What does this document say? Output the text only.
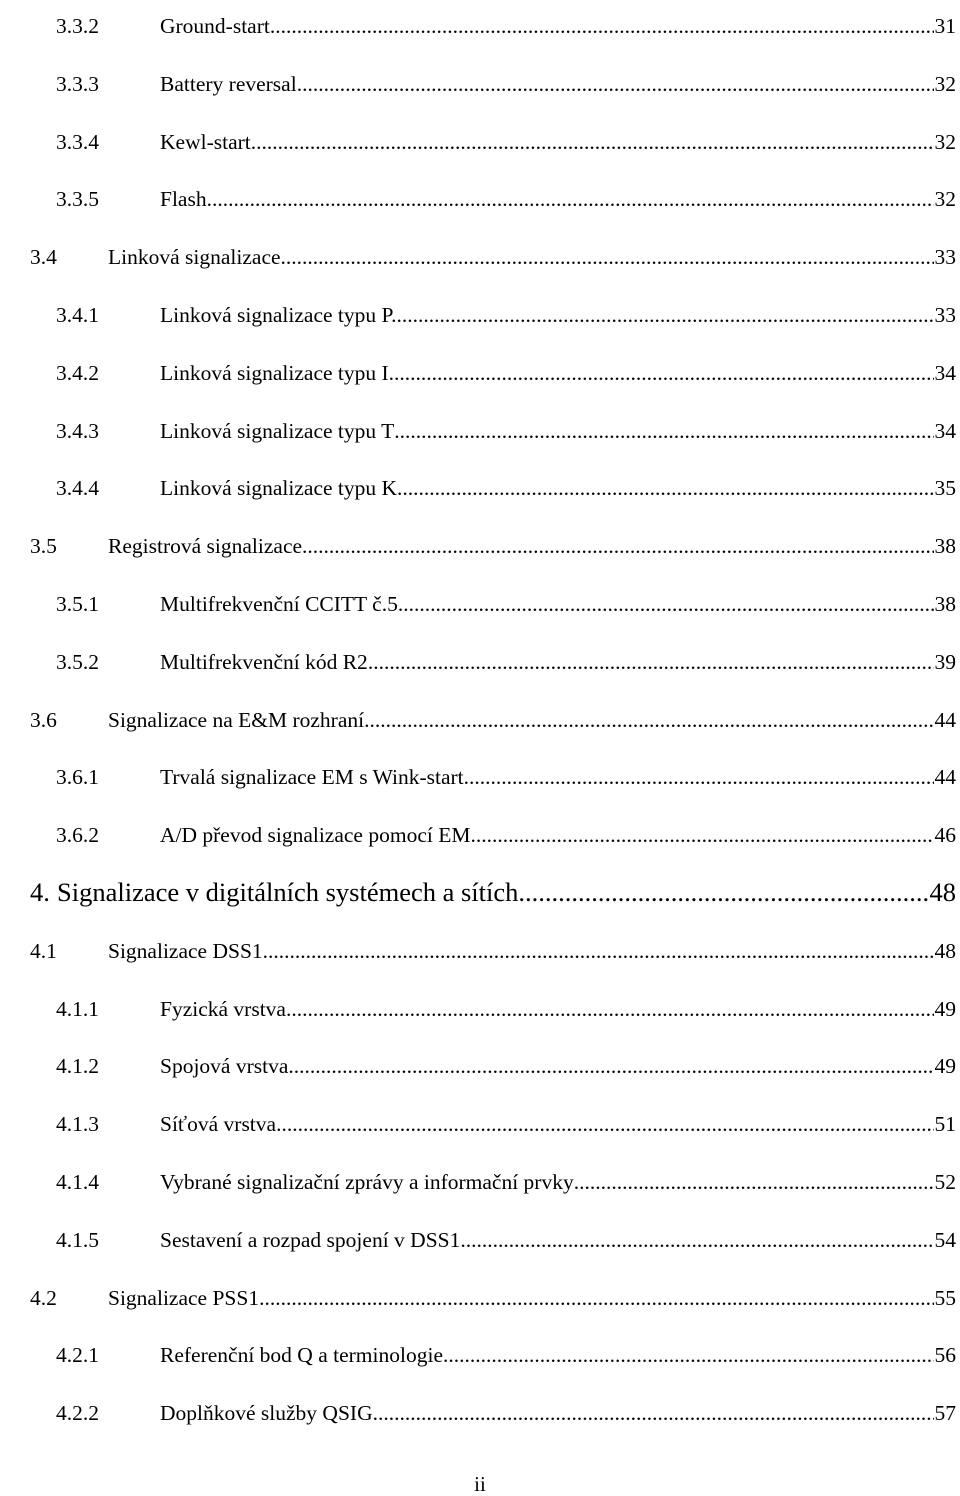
3.3.2	Ground-start .....	31
3.3.3	Battery reversal .....	32
3.3.4	Kewl-start .....	32
3.3.5	Flash .....	32
3.4	Linková signalizace .....	33
3.4.1	Linková signalizace typu P. .....	33
3.4.2	Linková signalizace typu I .....	34
3.4.3	Linková signalizace typu T .....	34
3.4.4	Linková signalizace typu K .....	35
3.5	Registrová signalizace .....	38
3.5.1	Multifrekvenční CCITT č.5 .....	38
3.5.2	Multifrekvenční kód R2 .....	39
3.6	Signalizace na E&M rozhraní .....	44
3.6.1	Trvalá signalizace EM s Wink-start .....	44
3.6.2	A/D převod signalizace pomocí EM .....	46
4. Signalizace v digitálních systémech a sítích .....	48
4.1	Signalizace DSS1 .....	48
4.1.1	Fyzická vrstva .....	49
4.1.2	Spojová vrstva .....	49
4.1.3	Síťová vrstva .....	51
4.1.4	Vybrané signalizační zprávy a informační prvky .....	52
4.1.5	Sestavení a rozpad spojení v DSS1 .....	54
4.2	Signalizace PSS1 .....	55
4.2.1	Referenční bod Q a terminologie .....	56
4.2.2	Doplňkové služby QSIG .....	57
ii
